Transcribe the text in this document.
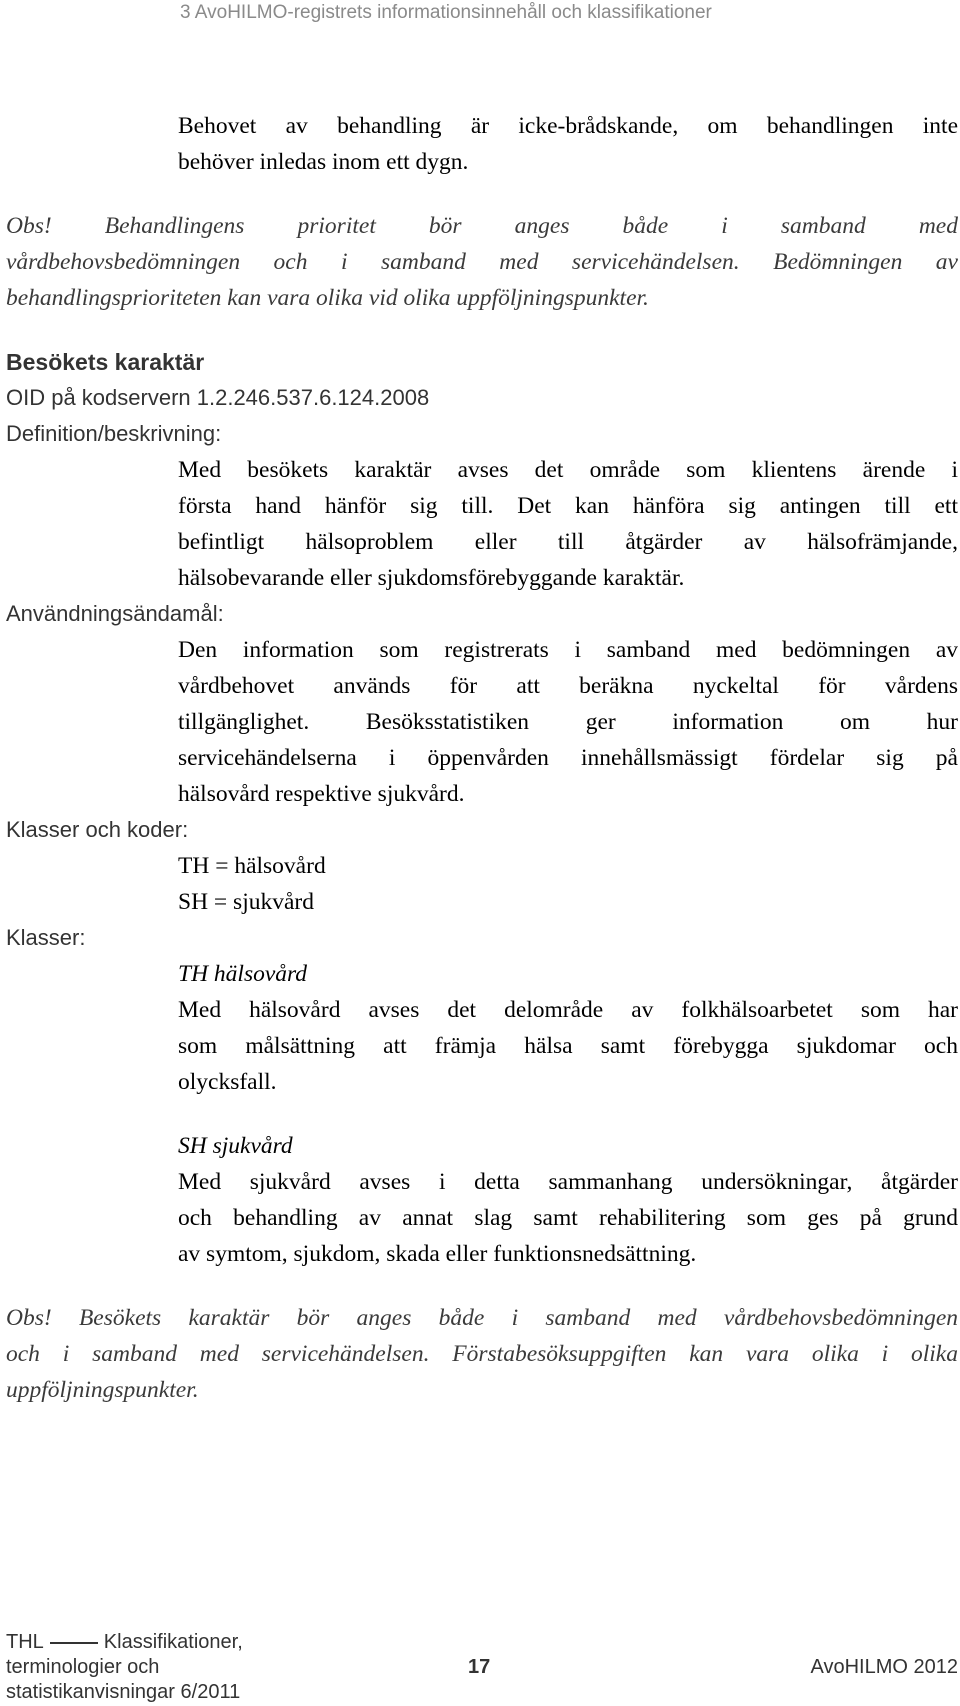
3 AvoHILMO-registrets informationsinnehåll och klassifikationer
Behovet av behandling är icke-brådskande, om behandlingen inte
behöver inledas inom ett dygn.
Obs! Behandlingens prioritet bör anges både i samband med
vårdbehovsbedömningen och i samband med servicehändelsen. Bedömningen av
behandlingsprioriteten kan vara olika vid olika uppföljningspunkter.
Besökets karaktär
OID på kodservern 1.2.246.537.6.124.2008
Definition/beskrivning:
Med besökets karaktär avses det område som klientens ärende i
första hand hänför sig till. Det kan hänföra sig antingen till ett
befintligt hälsoproblem eller till åtgärder av hälsofrämjande,
hälsobevarande eller sjukdomsförebyggande karaktär.
Användningsändamål:
Den information som registrerats i samband med bedömningen av
vårdbehovet används för att beräkna nyckeltal för vårdens
tillgänglighet. Besöksstatistiken ger information om hur
servicehändelserna i öppenvården innehållsmässigt fördelar sig på
hälsovård respektive sjukvård.
Klasser och koder:
TH = hälsovård
SH = sjukvård
Klasser:
TH hälsovård
Med hälsovård avses det delområde av folkhälsoarbetet som har
som målsättning att främja hälsa samt förebygga sjukdomar och
olycksfall.
SH sjukvård
Med sjukvård avses i detta sammanhang undersökningar, åtgärder
och behandling av annat slag samt rehabilitering som ges på grund
av symtom, sjukdom, skada eller funktionsnedsättning.
Obs! Besökets karaktär bör anges både i samband med vårdbehovsbedömningen
och i samband med servicehändelsen. Förstabesöksuppgiften kan vara olika i olika
uppföljningspunkter.
THL	Klassifikationer,
terminologier och
statistikanvisningar 6/2011
17	AvoHILMO 2012
